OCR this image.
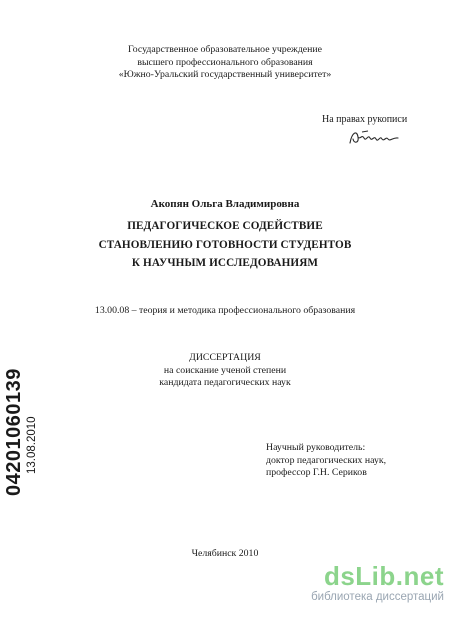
Государственное образовательное учреждение
высшего профессионального образования
«Южно-Уральский государственный университет»
На правах рукописи
Акопян Ольга Владимировна
ПЕДАГОГИЧЕСКОЕ СОДЕЙСТВИЕ
СТАНОВЛЕНИЮ ГОТОВНОСТИ СТУДЕНТОВ
К НАУЧНЫМ ИССЛЕДОВАНИЯМ
13.00.08 – теория и методика профессионального образования
ДИССЕРТАЦИЯ
на соискание ученой степени
кандидата педагогических наук
Научный руководитель:
доктор педагогических наук,
профессор Г.Н. Сериков
Челябинск 2010
04201060139 13.08.2010
dsLib.net
библиотека диссертаций
